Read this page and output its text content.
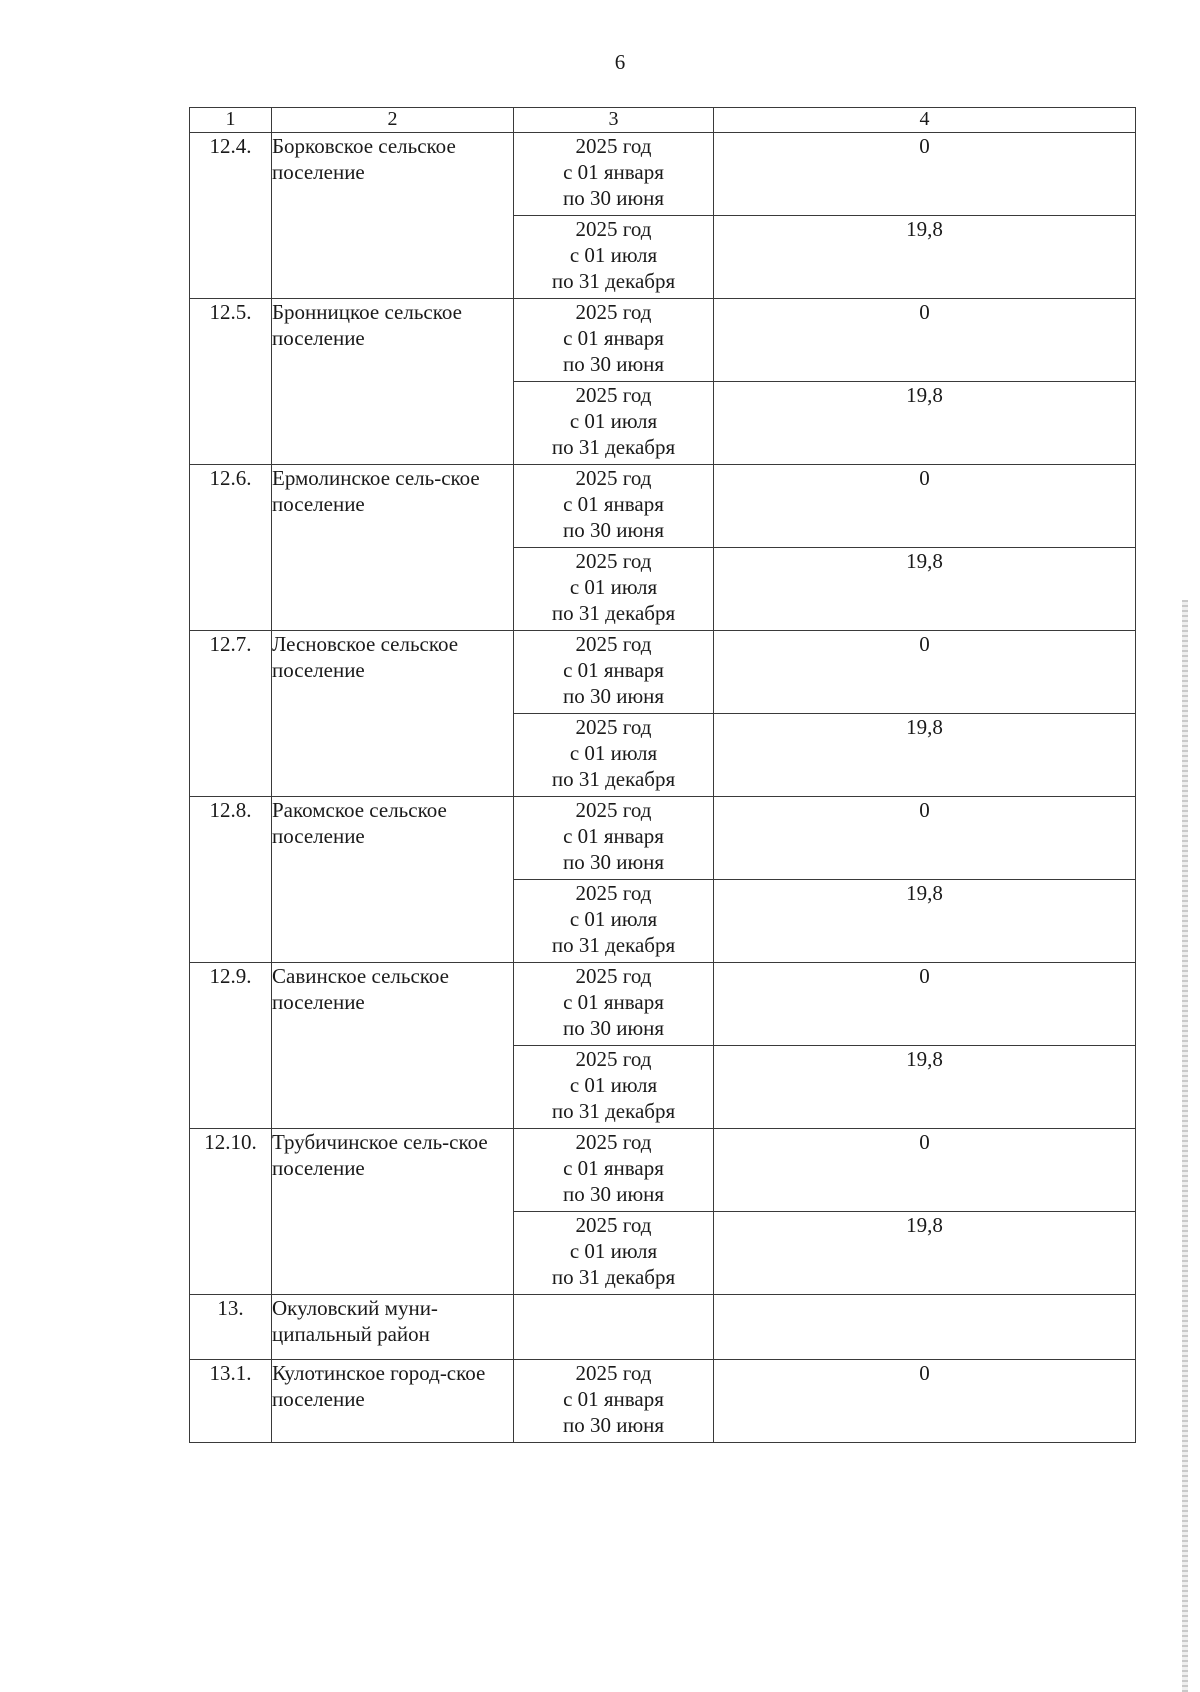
6
1	2	3	4
12.4.	Борковское сельское поселение	2025 год
с 01 января
по 30 июня	0

		2025 год
с 01 июля
по 31 декабря	19,8
12.5.	Бронницкое сельское поселение	2025 год
с 01 января
по 30 июня	0

		2025 год
с 01 июля
по 31 декабря	19,8
12.6.	Ермолинское сель-ское поселение	2025 год
с 01 января
по 30 июня	0

		2025 год
с 01 июля
по 31 декабря	19,8
12.7.	Лесновское сельское поселение	2025 год
с 01 января
по 30 июня	0

		2025 год
с 01 июля
по 31 декабря	19,8
12.8.	Ракомское сельское поселение	2025 год
с 01 января
по 30 июня	0

		2025 год
с 01 июля
по 31 декабря	19,8
12.9.	Савинское сельское поселение	2025 год
с 01 января
по 30 июня	0

		2025 год
с 01 июля
по 31 декабря	19,8
12.10.	Трубичинское сель-ское поселение	2025 год
с 01 января
по 30 июня	0

		2025 год
с 01 июля
по 31 декабря	19,8
13.	Окуловский муни-ципальный район		
13.1.	Кулотинское город-ское поселение	2025 год
с 01 января
по 30 июня	0
